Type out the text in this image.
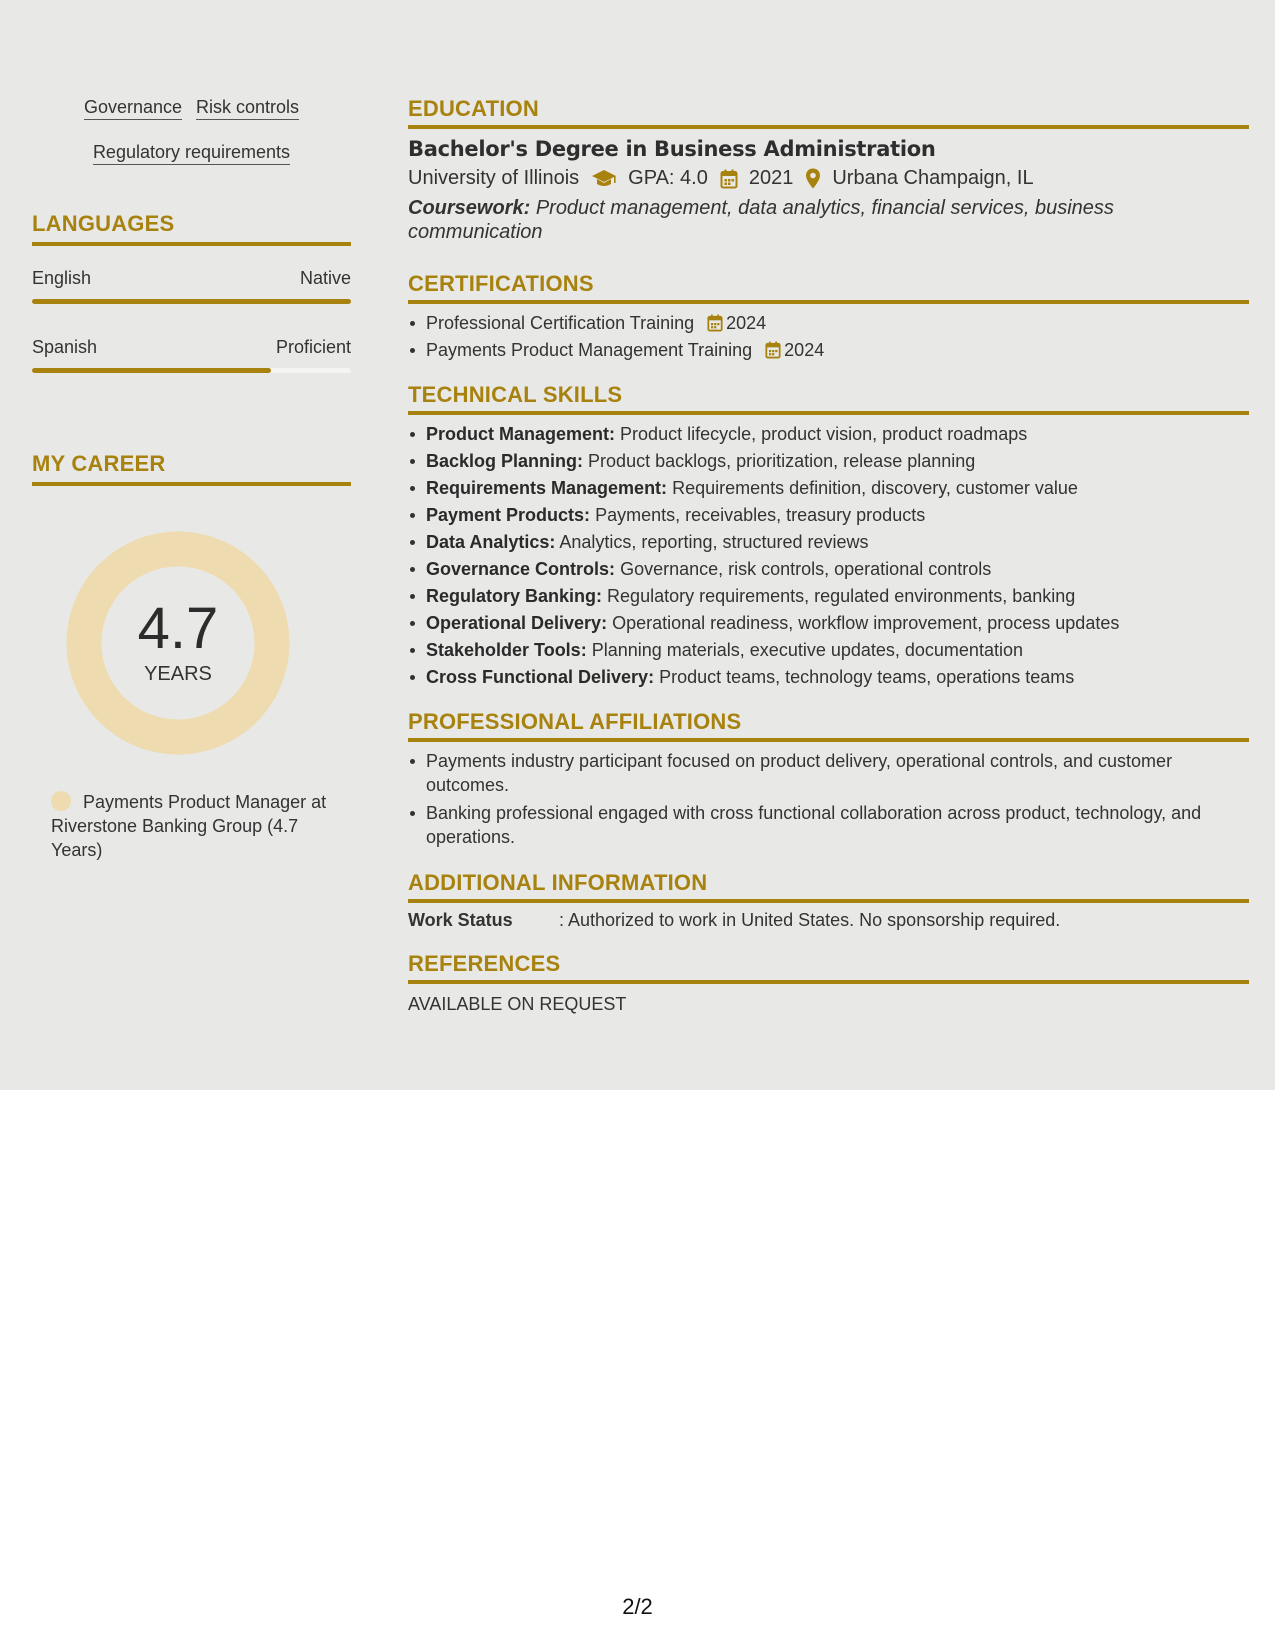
Governance Risk controls
Regulatory requirements
LANGUAGES
English	Native
Spanish	Proficient
MY CAREER
4.7
YEARS
Payments Product Manager at Riverstone Banking Group (4.7 Years)
EDUCATION
Bachelor's Degree in Business Administration
University of Illinois GPA: 4.0 2021 Urbana Champaign, IL
Coursework: Product management, data analytics, financial services, business communication
CERTIFICATIONS
Professional Certification Training 2024
Payments Product Management Training 2024
TECHNICAL SKILLS
Product Management: Product lifecycle, product vision, product roadmaps
Backlog Planning: Product backlogs, prioritization, release planning
Requirements Management: Requirements definition, discovery, customer value
Payment Products: Payments, receivables, treasury products
Data Analytics: Analytics, reporting, structured reviews
Governance Controls: Governance, risk controls, operational controls
Regulatory Banking: Regulatory requirements, regulated environments, banking
Operational Delivery: Operational readiness, workflow improvement, process updates
Stakeholder Tools: Planning materials, executive updates, documentation
Cross Functional Delivery: Product teams, technology teams, operations teams
PROFESSIONAL AFFILIATIONS
Payments industry participant focused on product delivery, operational controls, and customer outcomes.
Banking professional engaged with cross functional collaboration across product, technology, and operations.
ADDITIONAL INFORMATION
Work Status	: Authorized to work in United States. No sponsorship required.
REFERENCES
AVAILABLE ON REQUEST
2/2
